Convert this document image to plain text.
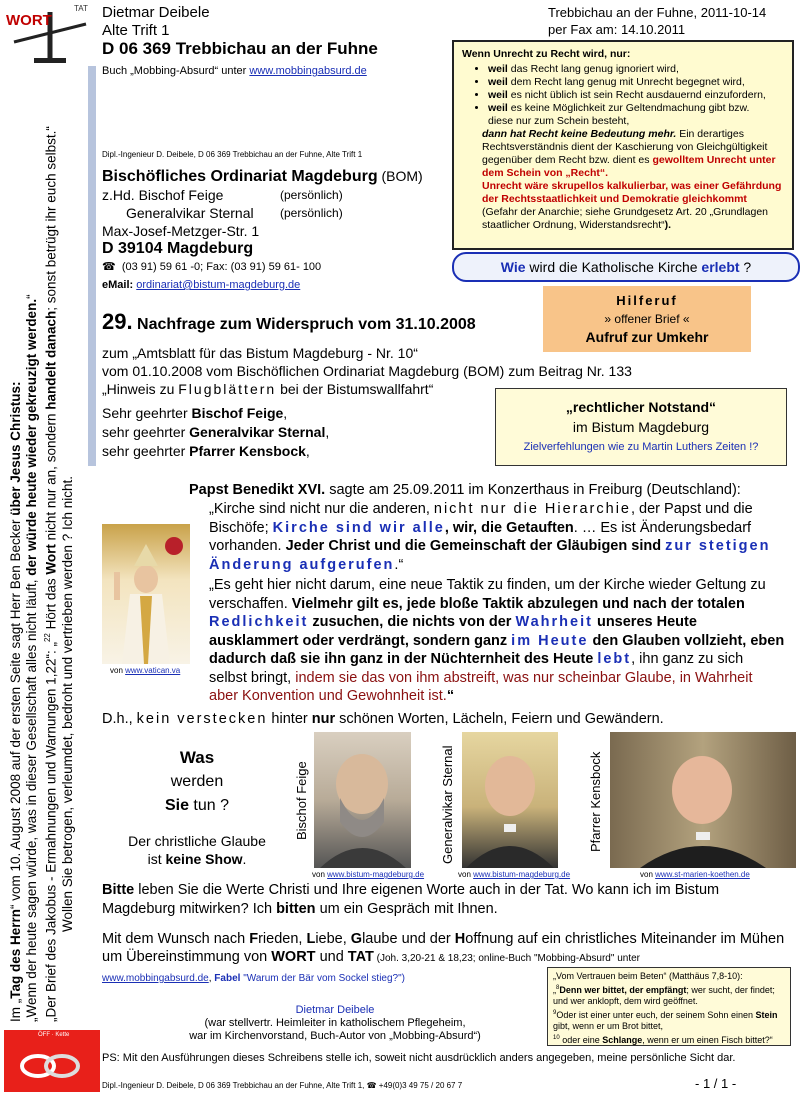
WORT
TAT Dietmar Deibele
Alte Trift 1
D 06 369 Trebbichau an der Fuhne
Buch „Mobbing-Absurd“ unter www.mobbingabsurd.de
Trebbichau an der Fuhne, 2011-10-14
per Fax am: 14.10.2011
Im „Tag des Herrn“ vom 10. August 2008 auf der ersten Seite sagt Herr Ben Becker über Jesus Christus:
„Wenn der heute sagen würde, was in dieser Gesellschaft alles nicht läuft, der würde heute wieder gekreuzigt werden.“
„Der Brief des Jakobus - Ermahnungen und Warnungen 1,22“: „$^{22}$ Hört das Wort nicht nur an, sondern handelt danach; sonst betrügt ihr euch selbst.“
Wollen Sie betrogen, verleumdet, bedroht und vertrieben werden ? Ich nicht.
Wenn Unrecht zu Recht wird, nur:
• weil das Recht lang genug ignoriert wird,
• weil dem Recht lang genug mit Unrecht begegnet wird,
• weil es nicht üblich ist sein Recht ausdauernd einzufordern,
• weil es keine Möglichkeit zur Geltendmachung gibt bzw.
diese nur zum Schein besteht,
dann hat Recht keine Bedeutung mehr. Ein derartiges Rechtsverständnis dient der Kaschierung von Gleichgültigkeit gegenüber dem Recht bzw. dient es gewolltem Unrecht unter dem Schein von „Recht“.
Unrecht wäre skrupellos kalkulierbar, was einer Gefährdung der Rechtsstaatlichkeit und Demokratie gleichkommt (Gefahr der Anarchie; siehe Grundgesetz Art. 20 „Grundlagen staatlicher Ordnung, Widerstandsrecht“).
Wie wird die Katholische Kirche erlebt ?
Dipl.-Ingenieur D. Deibele, D 06 369 Trebbichau an der Fuhne, Alte Trift 1
Bischöfliches Ordinariat Magdeburg (BOM)
z.Hd. Bischof Feige	(persönlich)
Generalvikar Sternal (persönlich)
Max-Josef-Metzger-Str. 1
D 39104 Magdeburg
☎ (03 91) 59 61 -0; Fax: (03 91) 59 61- 100
eMail: ordinariat@bistum-magdeburg.de
Hilferuf
» offener Brief «
Aufruf zur Umkehr
29. Nachfrage zum Widerspruch vom 31.10.2008
zum „Amtsblatt für das Bistum Magdeburg - Nr. 10“
vom 01.10.2008 vom Bischöflichen Ordinariat Magdeburg (BOM) zum Beitrag Nr. 133
„Hinweis zu Flugblättern bei der Bistumswallfahrt“
Sehr geehrter Bischof Feige,
sehr geehrter Generalvikar Sternal,
sehr geehrter Pfarrer Kensbock,
„rechtlicher Notstand“
im Bistum Magdeburg
Zielverfehlungen wie zu Martin Luthers Zeiten !?
Papst Benedikt XVI. sagte am 25.09.2011 im Konzerthaus in Freiburg (Deutschland):
von www.vatican.va
„Kirche sind nicht nur die anderen, nicht nur die Hierarchie, der Papst und die Bischöfe; Kirche sind wir alle, wir, die Getauften. … Es ist Änderungsbedarf vorhanden. Jeder Christ und die Gemeinschaft der Gläubigen sind zur stetigen Änderung aufgerufen.“
„Es geht hier nicht darum, eine neue Taktik zu finden, um der Kirche wieder Geltung zu verschaffen. Vielmehr gilt es, jede bloße Taktik abzulegen und nach der totalen Redlichkeit zusuchen, die nichts von der Wahrheit unseres Heute ausklammert oder verdrängt, sondern ganz im Heute den Glauben vollzieht, eben dadurch daß sie ihn ganz in der Nüchternheit des Heute lebt, ihn ganz zu sich selbst bringt, indem sie das von ihm abstreift, was nur scheinbar Glaube, in Wahrheit aber Konvention und Gewohnheit ist.“
D.h., kein verstecken hinter nur schönen Worten, Lächeln, Feiern und Gewändern.
Was
werden
Sie tun ?
Der christliche Glaube
ist keine Show.
Bischof Feige
von www.bistum-magdeburg.de
Generalvikar Sternal
von www.bistum-magdeburg.de
Pfarrer Kensbock
von www.st-marien-koethen.de
Bitte leben Sie die Werte Christi und Ihre eigenen Worte auch in der Tat. Wo kann ich im Bistum Magdeburg mitwirken? Ich bitten um ein Gespräch mit Ihnen.
Mit dem Wunsch nach Frieden, Liebe, Glaube und der Hoffnung auf ein christliches Miteinander im Mühen um Übereinstimmung von WORT und TAT (Joh. 3,20-21 & 18,23; online-Buch "Mobbing-Absurd" unter
www.mobbingabsurd.de, Fabel "Warum der Bär vom Sockel stieg?")	„Vom Vertrauen beim Beten“ (Matthäus 7,8-10):
„$^8$Denn wer bittet, der empfängt; wer sucht, der findet; und wer anklopft, dem wird geöffnet.
$^9$Oder ist einer unter euch, der seinem Sohn einen Stein gibt, wenn er um Brot bittet,
$^{10}$ oder eine Schlange, wenn er um einen Fisch bittet?“
Dietmar Deibele
(war stellvertr. Heimleiter in katholischem Pflegeheim,
war im Kirchenvorstand, Buch-Autor von „Mobbing-Absurd“)
PS: Mit den Ausführungen dieses Schreibens stelle ich, soweit nicht ausdrücklich anders angegeben, meine persönliche Sicht dar.
ÖFF · Kette
Dipl.-Ingenieur D. Deibele, D 06 369 Trebbichau an der Fuhne, Alte Trift 1, ☎ +49(0)3 49 75 / 20 67 7	- 1 / 1 -
